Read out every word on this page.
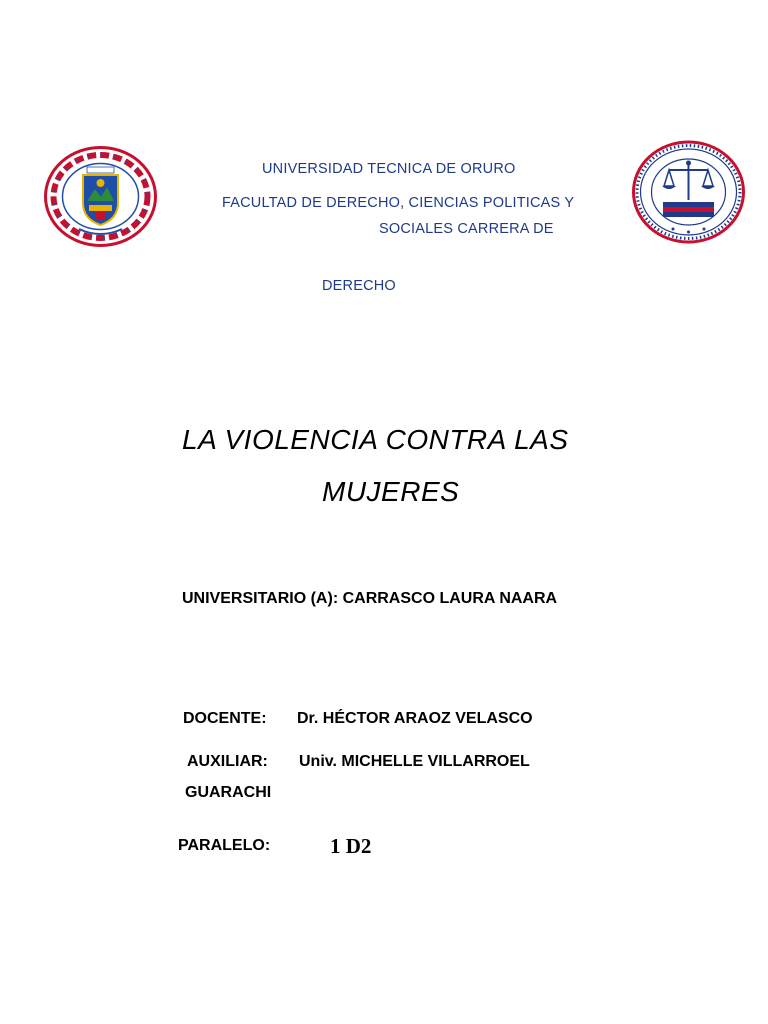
UNIVERSIDAD TECNICA DE ORURO
FACULTAD DE DERECHO, CIENCIAS POLITICAS Y
SOCIALES CARRERA DE
DERECHO
LA VIOLENCIA CONTRA LAS
MUJERES
UNIVERSITARIO (A): CARRASCO LAURA NAARA
DOCENTE: Dr. HÉCTOR ARAOZ VELASCO
AUXILIAR: Univ. MICHELLE VILLARROEL
GUARACHI
PARALELO:	1 D2
